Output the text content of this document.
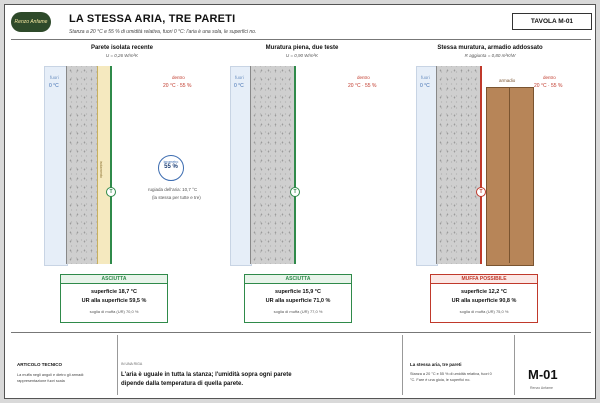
Renzo Anfame LA STESSA ARIA, TRE PARETI
Stanza a 20 °C e 55 % di umidità relativa, fuori 0 °C: l'aria è una sola, le superfici no.
TAVOLA M-01
Parete isolata recente
U = 0,26 W/m²K
fuori
0 °C
isolamento
T
dentro
20 °C · 55 %
igrometro
55 %
rugiada dell'aria: 10,7 °C
(la stessa per tutte e tre)
ASCIUTTA
superficie 18,7 °C
UR alla superficie 59,5 %
soglia di muffa (UR) 70,0 %
Muratura piena, due teste
U = 0,90 W/m²K
fuori
0 °C
T
dentro
20 °C · 55 %
ASCIUTTA
superficie 15,9 °C
UR alla superficie 71,0 %
soglia di muffa (UR) 77,0 %
Stessa muratura, armadio addossato
R aggiunta = 0,80 m²K/W
fuori
0 °C
armadio
T
dentro
20 °C · 55 %
MUFFA POSSIBILE
superficie 12,2 °C
UR alla superficie 90,8 %
soglia di muffa (UR) 75,0 %
ARTICOLO TECNICO
La muffa negli angoli e dietro gli armadi: rappresentazione fuori scala
IN UNA RIGA
L'aria è uguale in tutta la stanza; l'umidità sopra ogni parete dipende dalla temperatura di quella parete.
La stessa aria, tre pareti
Stanza a 20 °C e 55 % di umidità relativa, fuori 0 °C. Fare è una gioia, le superfici no.	M-01
Renzo Anfame
